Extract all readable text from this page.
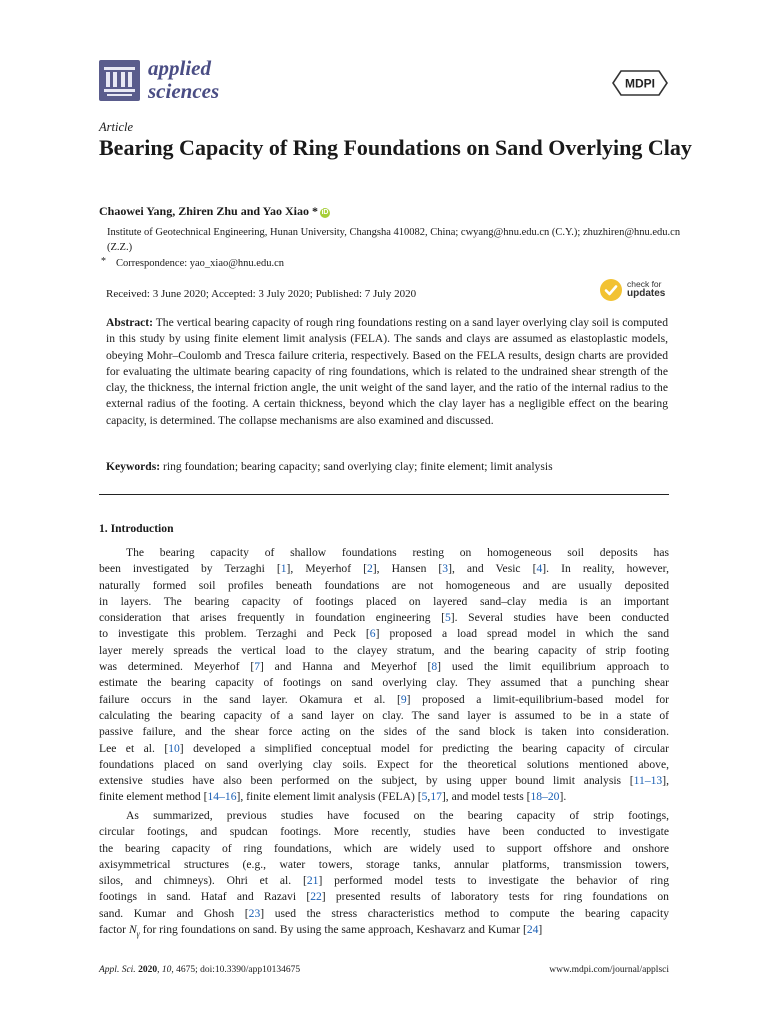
applied
sciences	MDPI
Article
Bearing Capacity of Ring Foundations on Sand Overlying Clay
Chaowei Yang, Zhiren Zhu and Yao Xiao * iD
Institute of Geotechnical Engineering, Hunan University, Changsha 410082, China; cwyang@hnu.edu.cn (C.Y.); zhuzhiren@hnu.edu.cn (Z.Z.)
* Correspondence: yao_xiao@hnu.edu.cn
Received: 3 June 2020; Accepted: 3 July 2020; Published: 7 July 2020
check for
updates
Abstract: The vertical bearing capacity of rough ring foundations resting on a sand layer overlying clay soil is computed in this study by using finite element limit analysis (FELA). The sands and clays are assumed as elastoplastic models, obeying Mohr–Coulomb and Tresca failure criteria, respectively. Based on the FELA results, design charts are provided for evaluating the ultimate bearing capacity of ring foundations, which is related to the undrained shear strength of the clay, the thickness, the internal friction angle, the unit weight of the sand layer, and the ratio of the internal radius to the external radius of the footing. A certain thickness, beyond which the clay layer has a negligible effect on the bearing capacity, is determined. The collapse mechanisms are also examined and discussed.
Keywords: ring foundation; bearing capacity; sand overlying clay; finite element; limit analysis
1. Introduction
The bearing capacity of shallow foundations resting on homogeneous soil deposits has
been investigated by Terzaghi [1], Meyerhof [2], Hansen [3], and Vesic [4]. In reality, however,
naturally formed soil profiles beneath foundations are not homogeneous and are usually deposited
in layers. The bearing capacity of footings placed on layered sand–clay media is an important
consideration that arises frequently in foundation engineering [5]. Several studies have been conducted
to investigate this problem. Terzaghi and Peck [6] proposed a load spread model in which the sand
layer merely spreads the vertical load to the clayey stratum, and the bearing capacity of strip footing
was determined. Meyerhof [7] and Hanna and Meyerhof [8] used the limit equilibrium approach to
estimate the bearing capacity of footings on sand overlying clay. They assumed that a punching shear
failure occurs in the sand layer. Okamura et al. [9] proposed a limit-equilibrium-based model for
calculating the bearing capacity of a sand layer on clay. The sand layer is assumed to be in a state of
passive failure, and the shear force acting on the sides of the sand block is taken into consideration.
Lee et al. [10] developed a simplified conceptual model for predicting the bearing capacity of circular
foundations placed on sand overlying clay soils. Expect for the theoretical solutions mentioned above,
extensive studies have also been performed on the subject, by using upper bound limit analysis [11–13],
finite element method [14–16], finite element limit analysis (FELA) [5,17], and model tests [18–20].
As summarized, previous studies have focused on the bearing capacity of strip footings,
circular footings, and spudcan footings. More recently, studies have been conducted to investigate
the bearing capacity of ring foundations, which are widely used to support offshore and onshore
axisymmetrical structures (e.g., water towers, storage tanks, annular platforms, transmission towers,
silos, and chimneys). Ohri et al. [21] performed model tests to investigate the behavior of ring
footings in sand. Hataf and Razavi [22] presented results of laboratory tests for ring foundations on
sand. Kumar and Ghosh [23] used the stress characteristics method to compute the bearing capacity
factor $N_\gamma$ for ring foundations on sand. By using the same approach, Keshavarz and Kumar [24]
Appl. Sci. 2020, 10, 4675; doi:10.3390/app10134675	www.mdpi.com/journal/applsci
